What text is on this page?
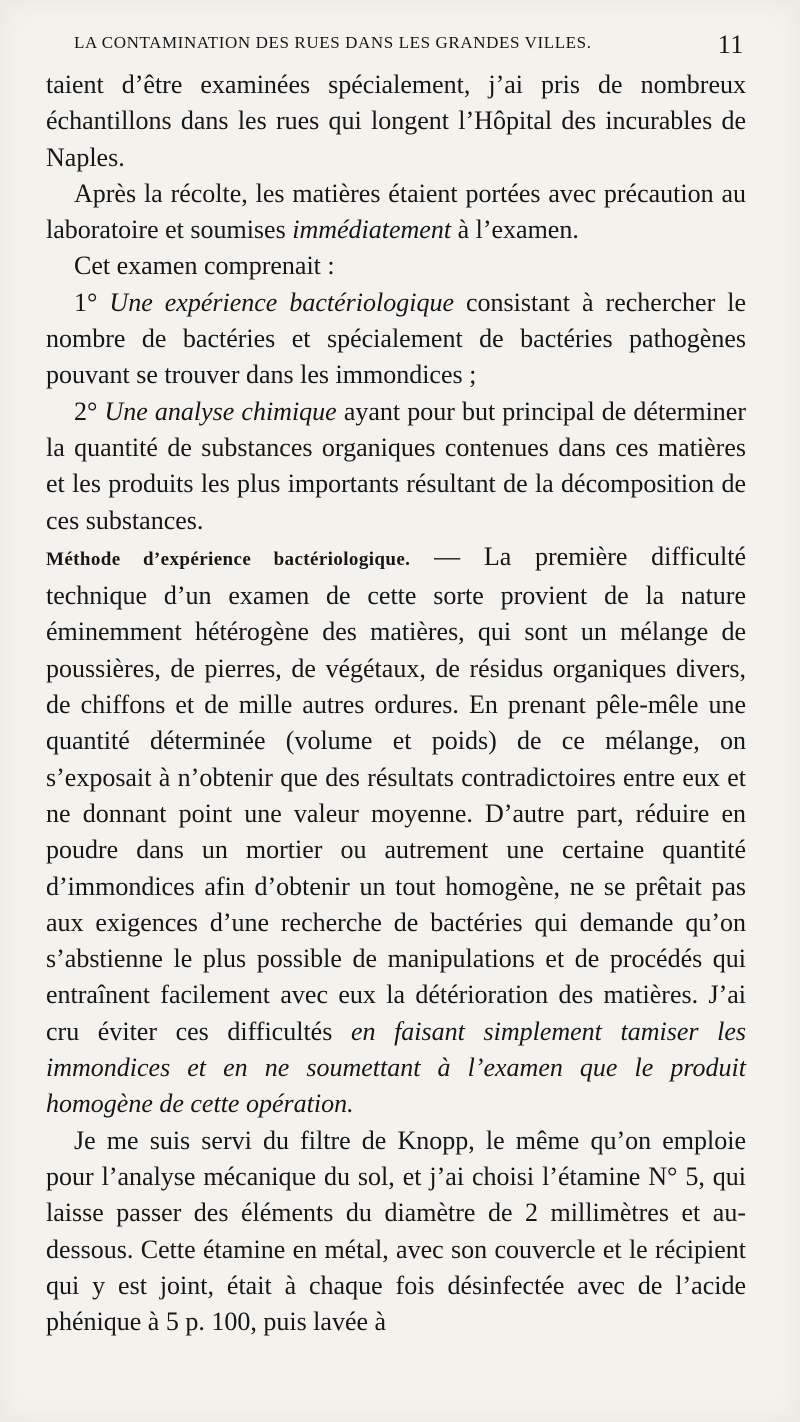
LA CONTAMINATION DES RUES DANS LES GRANDES VILLES.	11

taient d’être examinées spécialement, j’ai pris de nombreux échantillons dans les rues qui longent l’Hôpital des incurables de Naples.

Après la récolte, les matières étaient portées avec précaution au laboratoire et soumises immédiatement à l’examen.

Cet examen comprenait :

1° Une expérience bactériologique consistant à rechercher le nombre de bactéries et spécialement de bactéries pathogènes pouvant se trouver dans les immondices ;

2° Une analyse chimique ayant pour but principal de déterminer la quantité de substances organiques contenues dans ces matières et les produits les plus importants résultant de la décomposition de ces substances.

Méthode d’expérience bactériologique. — La première difficulté technique d’un examen de cette sorte provient de la nature éminemment hétérogène des matières, qui sont un mélange de poussières, de pierres, de végétaux, de résidus organiques divers, de chiffons et de mille autres ordures. En prenant pêle-mêle une quantité déterminée (volume et poids) de ce mélange, on s’exposait à n’obtenir que des résultats contradictoires entre eux et ne donnant point une valeur moyenne. D’autre part, réduire en poudre dans un mortier ou autrement une certaine quantité d’immondices afin d’obtenir un tout homogène, ne se prêtait pas aux exigences d’une recherche de bactéries qui demande qu’on s’abstienne le plus possible de manipulations et de procédés qui entraînent facilement avec eux la détérioration des matières. J’ai cru éviter ces difficultés en faisant simplement tamiser les immondices et en ne soumettant à l’examen que le produit homogène de cette opération.

Je me suis servi du filtre de Knopp, le même qu’on emploie pour l’analyse mécanique du sol, et j’ai choisi l’étamine N° 5, qui laisse passer des éléments du diamètre de 2 millimètres et au-dessous. Cette étamine en métal, avec son couvercle et le récipient qui y est joint, était à chaque fois désinfectée avec de l’acide phénique à 5 p. 100, puis lavée à
